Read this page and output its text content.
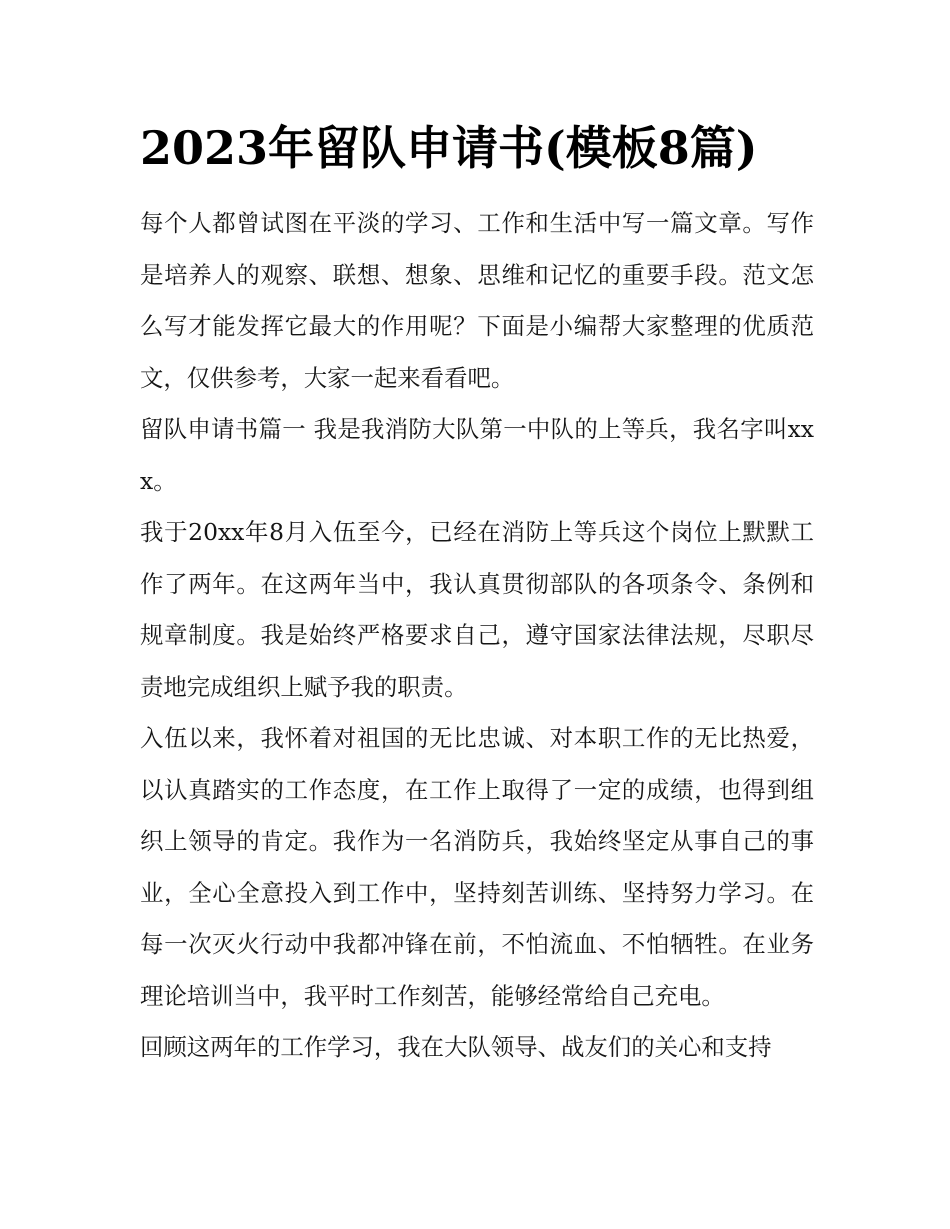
2023年留队申请书(模板8篇)

每个人都曾试图在平淡的学习、工作和生活中写一篇文章。写作是培养人的观察、联想、想象、思维和记忆的重要手段。范文怎么写才能发挥它最大的作用呢？下面是小编帮大家整理的优质范文，仅供参考，大家一起来看看吧。

留队申请书篇一 我是我消防大队第一中队的上等兵，我名字叫xxx。

我于20xx年8月入伍至今，已经在消防上等兵这个岗位上默默工作了两年。在这两年当中，我认真贯彻部队的各项条令、条例和规章制度。我是始终严格要求自己，遵守国家法律法规，尽职尽责地完成组织上赋予我的职责。

入伍以来，我怀着对祖国的无比忠诚、对本职工作的无比热爱，以认真踏实的工作态度，在工作上取得了一定的成绩，也得到组织上领导的肯定。我作为一名消防兵，我始终坚定从事自己的事业，全心全意投入到工作中，坚持刻苦训练、坚持努力学习。在每一次灭火行动中我都冲锋在前，不怕流血、不怕牺牲。在业务理论培训当中，我平时工作刻苦，能够经常给自己充电。

回顾这两年的工作学习，我在大队领导、战友们的关心和支持
